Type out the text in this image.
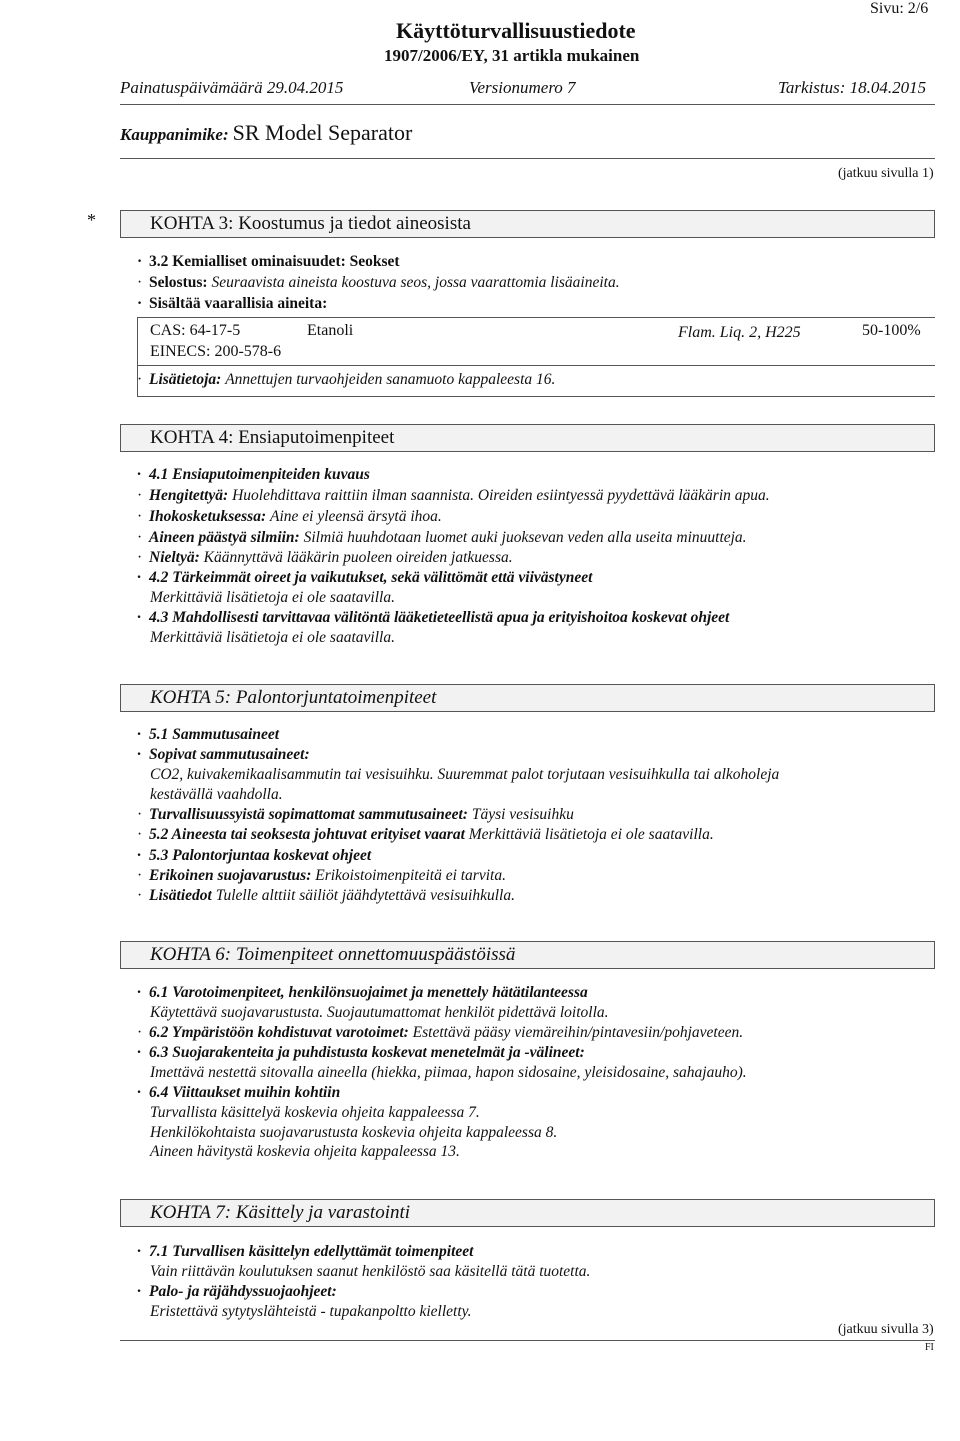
Sivu: 2/6
Käyttöturvallisuustiedote
1907/2006/EY, 31 artikla mukainen
Painatuspäivämäärä 29.04.2015	Versionumero 7	Tarkistus: 18.04.2015
Kauppanimike: SR Model Separator
(jatkuu sivulla 1)
*	KOHTA 3: Koostumus ja tiedot aineosista
· 3.2 Kemialliset ominaisuudet: Seokset
· Selostus: Seuraavista aineista koostuva seos, jossa vaarattomia lisäaineita.
· Sisältää vaarallisia aineita:
CAS: 64-17-5
EINECS: 200-578-6
Etanoli	Flam. Liq. 2, H225	50-100%
· Lisätietoja: Annettujen turvaohjeiden sanamuoto kappaleesta 16.
KOHTA 4: Ensiaputoimenpiteet
· 4.1 Ensiaputoimenpiteiden kuvaus
· Hengitettyä: Huolehdittava raittiin ilman saannista. Oireiden esiintyessä pyydettävä lääkärin apua.
· Ihokosketuksessa: Aine ei yleensä ärsytä ihoa.
· Aineen päästyä silmiin: Silmiä huuhdotaan luomet auki juoksevan veden alla useita minuutteja.
· Nieltyä: Käännyttävä lääkärin puoleen oireiden jatkuessa.
· 4.2 Tärkeimmät oireet ja vaikutukset, sekä välittömät että viivästyneet
Merkittäviä lisätietoja ei ole saatavilla.
· 4.3 Mahdollisesti tarvittavaa välitöntä lääketieteellistä apua ja erityishoitoa koskevat ohjeet
Merkittäviä lisätietoja ei ole saatavilla.
KOHTA 5: Palontorjuntatoimenpiteet
· 5.1 Sammutusaineet
· Sopivat sammutusaineet:
CO2, kuivakemikaalisammutin tai vesisuihku. Suuremmat palot torjutaan vesisuihkulla tai alkoholeja
kestävällä vaahdolla.
· Turvallisuussyistä sopimattomat sammutusaineet: Täysi vesisuihku
· 5.2 Aineesta tai seoksesta johtuvat erityiset vaarat Merkittäviä lisätietoja ei ole saatavilla.
· 5.3 Palontorjuntaa koskevat ohjeet
· Erikoinen suojavarustus: Erikoistoimenpiteitä ei tarvita.
· Lisätiedot Tulelle alttiit säiliöt jäähdytettävä vesisuihkulla.
KOHTA 6: Toimenpiteet onnettomuuspäästöissä
· 6.1 Varotoimenpiteet, henkilönsuojaimet ja menettely hätätilanteessa
Käytettävä suojavarustusta. Suojautumattomat henkilöt pidettävä loitolla.
· 6.2 Ympäristöön kohdistuvat varotoimet: Estettävä pääsy viemäreihin/pintavesiin/pohjaveteen.
· 6.3 Suojarakenteita ja puhdistusta koskevat menetelmät ja -välineet:
Imettävä nestettä sitovalla aineella (hiekka, piimaa, hapon sidosaine, yleisidosaine, sahajauho).
· 6.4 Viittaukset muihin kohtiin
Turvallista käsittelyä koskevia ohjeita kappaleessa 7.
Henkilökohtaista suojavarustusta koskevia ohjeita kappaleessa 8.
Aineen hävitystä koskevia ohjeita kappaleessa 13.
KOHTA 7: Käsittely ja varastointi
· 7.1 Turvallisen käsittelyn edellyttämät toimenpiteet
Vain riittävän koulutuksen saanut henkilöstö saa käsitellä tätä tuotetta.
· Palo- ja räjähdyssuojaohjeet:
Eristettävä sytytyslähteistä - tupakanpoltto kielletty.
(jatkuu sivulla 3)
FI
